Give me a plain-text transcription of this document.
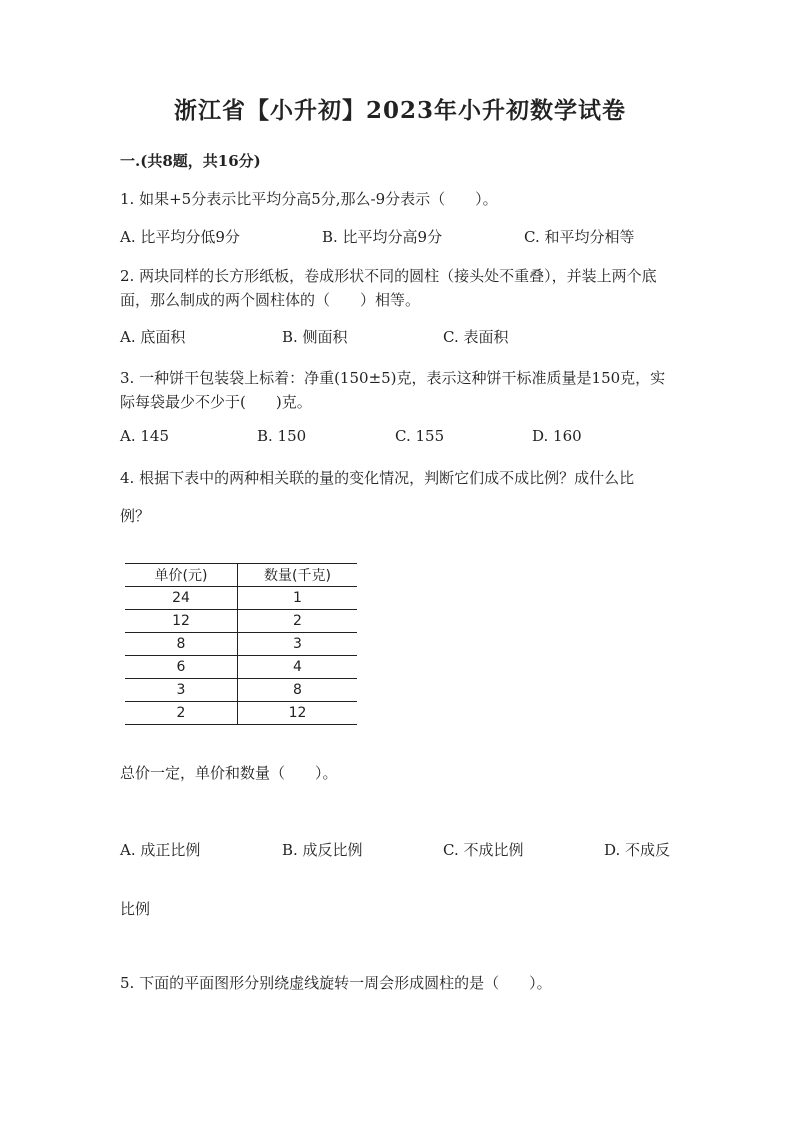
浙江省【小升初】2023年小升初数学试卷
一.(共8题，共16分)
1. 如果+5分表示比平均分高5分,那么-9分表示（　　）。
A. 比平均分低9分	B. 比平均分高9分	C. 和平均分相等
2. 两块同样的长方形纸板，卷成形状不同的圆柱（接头处不重叠），并装上两个底面，那么制成的两个圆柱体的（　　）相等。
A. 底面积	B. 侧面积	C. 表面积
3. 一种饼干包装袋上标着：净重(150±5)克，表示这种饼干标准质量是150克，实际每袋最少不少于(　　)克。
A. 145	B. 150	C. 155	D. 160
4. 根据下表中的两种相关联的量的变化情况，判断它们成不成比例？成什么比
例？
单价(元)	数量(千克)
24	1
12	2
8	3
6	4
3	8
2	12
总价一定，单价和数量（　　）。
A. 成正比例	B. 成反比例	C. 不成比例	D. 不成反
比例
5. 下面的平面图形分别绕虚线旋转一周会形成圆柱的是（　　）。
